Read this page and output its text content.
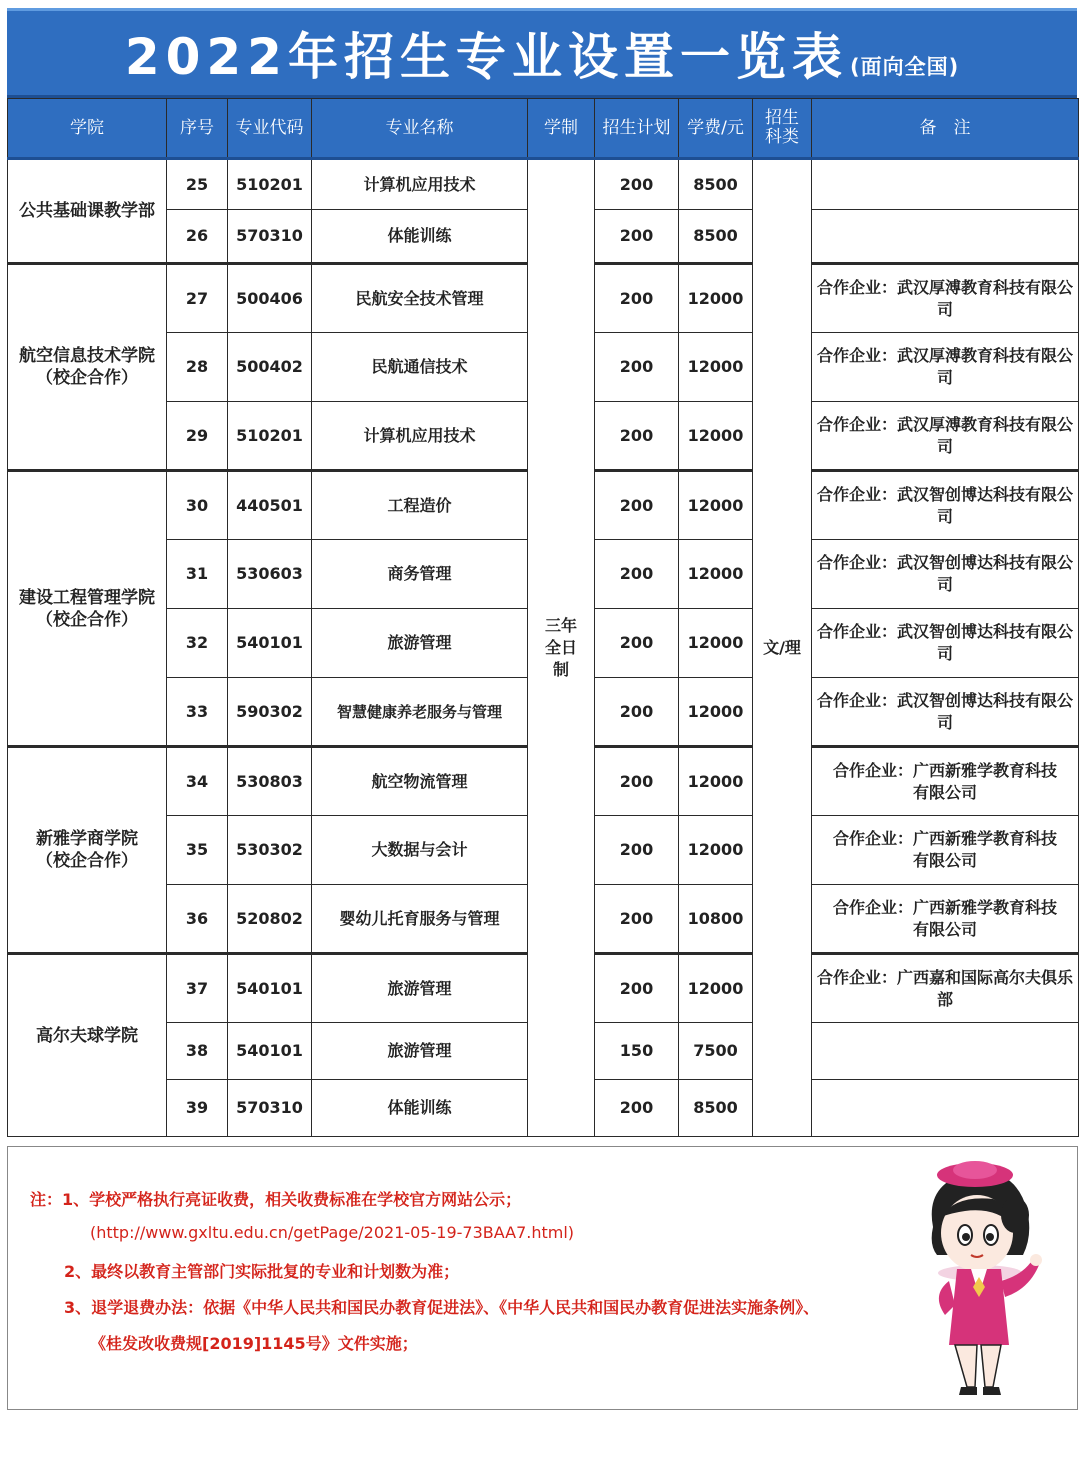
2022年招生专业设置一览表(面向全国)
学院	序号	专业代码	专业名称	学制	招生计划	学费/元	招生科类	备　注
公共基础课教学部	25	510201	计算机应用技术	三年全日制	200	8500	文/理	
	26	570310	体能训练		200	8500		
航空信息技术学院（校企合作）	27	500406	民航安全技术管理		200	12000		合作企业：武汉厚溥教育科技有限公司
	28	500402	民航通信技术		200	12000		合作企业：武汉厚溥教育科技有限公司
	29	510201	计算机应用技术		200	12000		合作企业：武汉厚溥教育科技有限公司
建设工程管理学院（校企合作）	30	440501	工程造价		200	12000		合作企业：武汉智创博达科技有限公司
	31	530603	商务管理		200	12000		合作企业：武汉智创博达科技有限公司
	32	540101	旅游管理		200	12000		合作企业：武汉智创博达科技有限公司
	33	590302	智慧健康养老服务与管理		200	12000		合作企业：武汉智创博达科技有限公司
新雅学商学院（校企合作）	34	530803	航空物流管理		200	12000		合作企业：广西新雅学教育科技有限公司
	35	530302	大数据与会计		200	12000		合作企业：广西新雅学教育科技有限公司
	36	520802	婴幼儿托育服务与管理		200	10800		合作企业：广西新雅学教育科技有限公司
高尔夫球学院	37	540101	旅游管理		200	12000		合作企业：广西嘉和国际高尔夫俱乐部
	38	540101	旅游管理		150	7500		
	39	570310	体能训练		200	8500		
注：1、学校严格执行亮证收费，相关收费标准在学校官方网站公示；
(http://www.gxltu.edu.cn/getPage/2021-05-19-73BAA7.html)
2、最终以教育主管部门实际批复的专业和计划数为准；
3、退学退费办法：依据《中华人民共和国民办教育促进法》、《中华人民共和国民办教育促进法实施条例》、
《桂发改收费规[2019]1145号》文件实施；
